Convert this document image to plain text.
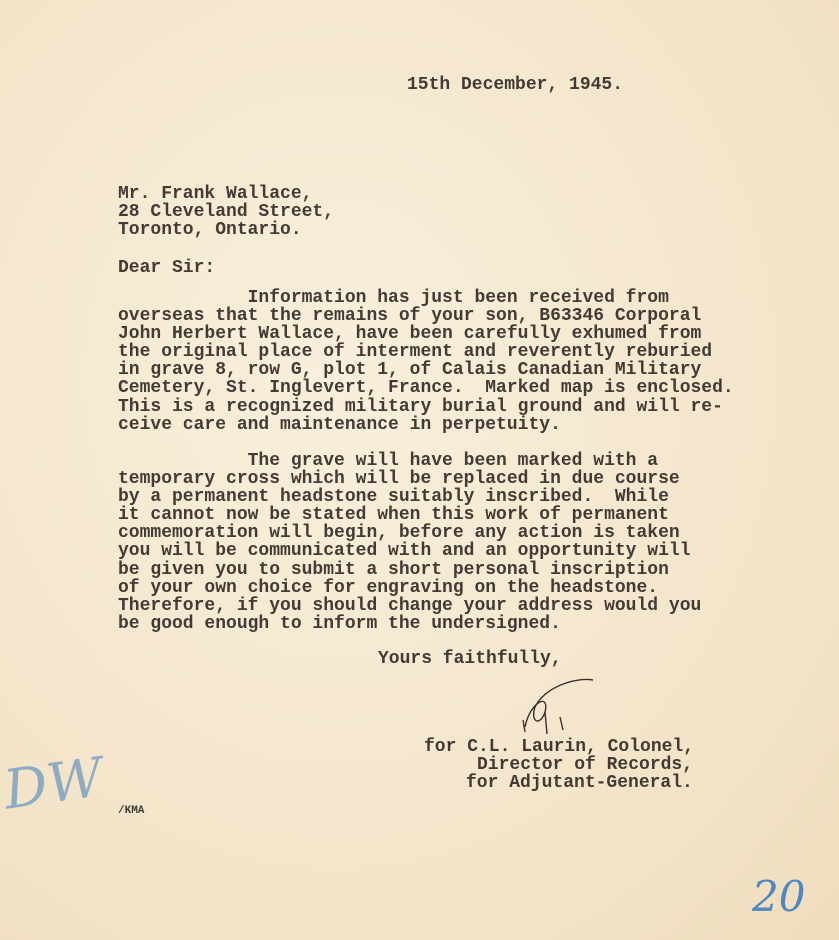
15th December, 1945.
Mr. Frank Wallace,
28 Cleveland Street,
Toronto, Ontario.
Dear Sir:
Information has just been received from
overseas that the remains of your son, B63346 Corporal
John Herbert Wallace, have been carefully exhumed from
the original place of interment and reverently reburied
in grave 8, row G, plot 1, of Calais Canadian Military
Cemetery, St. Inglevert, France.  Marked map is enclosed.
This is a recognized military burial ground and will re-
ceive care and maintenance in perpetuity.
The grave will have been marked with a
temporary cross which will be replaced in due course
by a permanent headstone suitably inscribed.  While
it cannot now be stated when this work of permanent
commemoration will begin, before any action is taken
you will be communicated with and an opportunity will
be given you to submit a short personal inscription
of your own choice for engraving on the headstone.
Therefore, if you should change your address would you
be good enough to inform the undersigned.
Yours faithfully,
for C.L. Laurin, Colonel,
Director of Records,
for Adjutant-General.
DW /KMA
20
